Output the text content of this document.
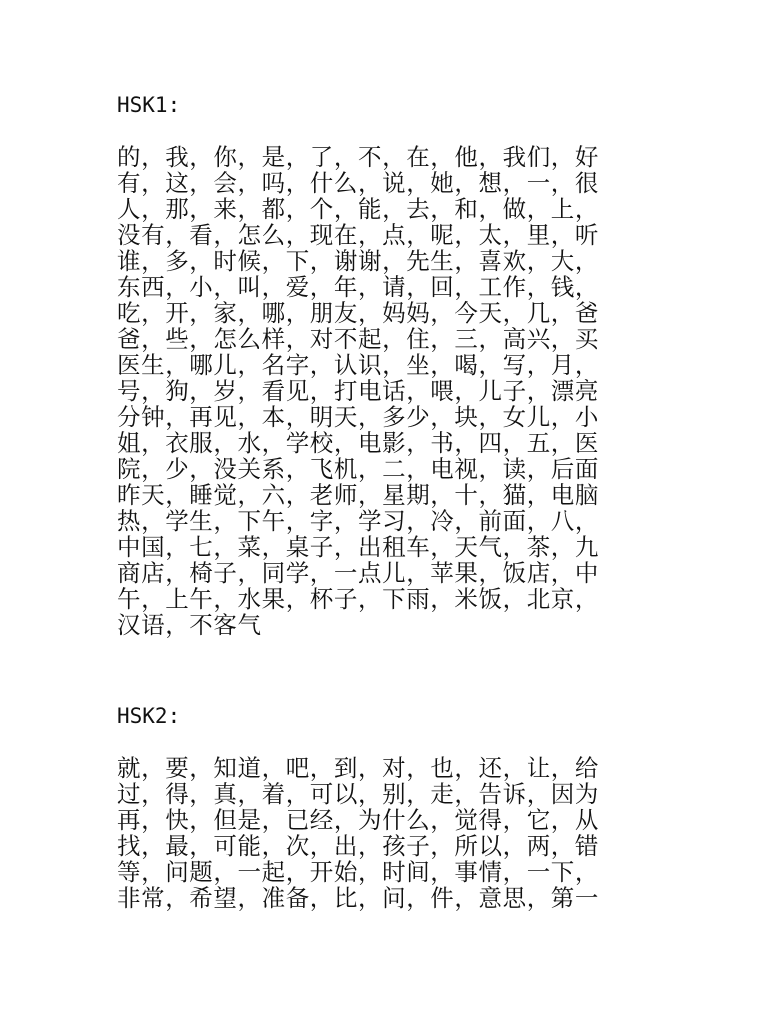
HSK1:
的，我，你，是，了，不，在，他，我们，好
有，这，会，吗，什么，说，她，想，一，很
人，那，来，都，个，能，去，和，做，上，
没有，看，怎么，现在，点，呢，太，里，听
谁，多，时候，下，谢谢，先生，喜欢，大，
东西，小，叫，爱，年，请，回，工作，钱，
吃，开，家，哪，朋友，妈妈，今天，几，爸
爸，些，怎么样，对不起，住，三，高兴，买
医生，哪儿，名字，认识，坐，喝，写，月，
号，狗，岁，看见，打电话，喂，儿子，漂亮
分钟，再见，本，明天，多少，块，女儿，小
姐，衣服，水，学校，电影，书，四，五，医
院，少，没关系，飞机，二，电视，读，后面
昨天，睡觉，六，老师，星期，十，猫，电脑
热，学生，下午，字，学习，冷，前面，八，
中国，七，菜，桌子，出租车，天气，茶，九
商店，椅子，同学，一点儿，苹果，饭店，中
午，上午，水果，杯子，下雨，米饭，北京，
汉语，不客气
HSK2:
就，要，知道，吧，到，对，也，还，让，给
过，得，真，着，可以，别，走，告诉，因为
再，快，但是，已经，为什么，觉得，它，从
找，最，可能，次，出，孩子，所以，两，错
等，问题，一起，开始，时间，事情，一下，
非常，希望，准备，比，问，件，意思，第一
